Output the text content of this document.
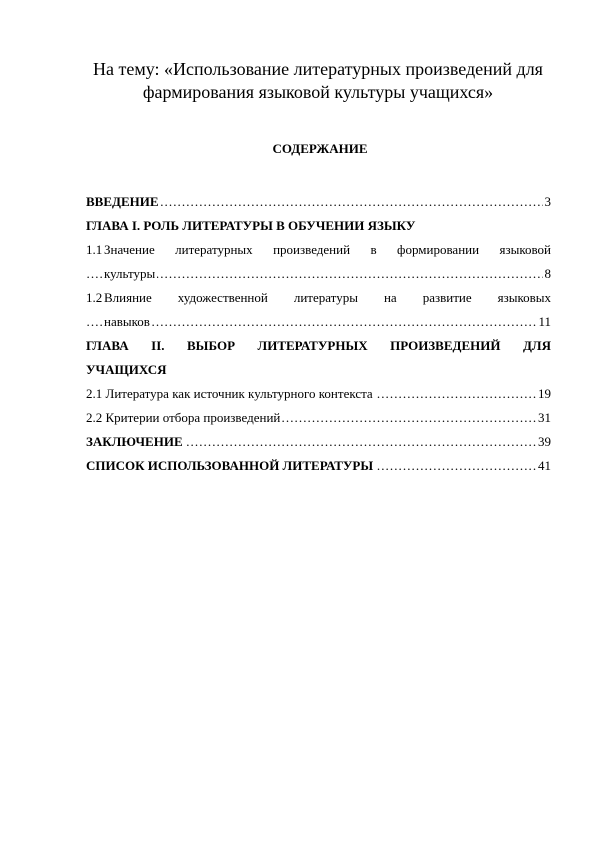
На тему: «Использование литературных произведений для фармирования языковой культуры учащихся»
СОДЕРЖАНИЕ
ВВЕДЕНИЕ	3
……………………………………………………………………………………………………………
ГЛАВА I. РОЛЬ ЛИТЕРАТУРЫ В ОБУЧЕНИИ ЯЗЫКУ
1.1 Значение литературных произведений в формировании языковой
культуры	8
……………………………………………………………………………………………………………
1.2 Влияние художественной литературы на развитие языковых
навыков	11
……………………………………………………………………………………………………………
ГЛАВА II. ВЫБОР ЛИТЕРАТУРНЫХ ПРОИЗВЕДЕНИЙ ДЛЯ
УЧАЩИХСЯ
2.1 Литература как источник культурного контекста	19
……………………………………………………………………………………………………………
2.2 Критерии отбора произведений	31
……………………………………………………………………………………………………………
ЗАКЛЮЧЕНИЕ	39
……………………………………………………………………………………………………………
СПИСОК ИСПОЛЬЗОВАННОЙ ЛИТЕРАТУРЫ	41
……………………………………………………………………………………………………………
